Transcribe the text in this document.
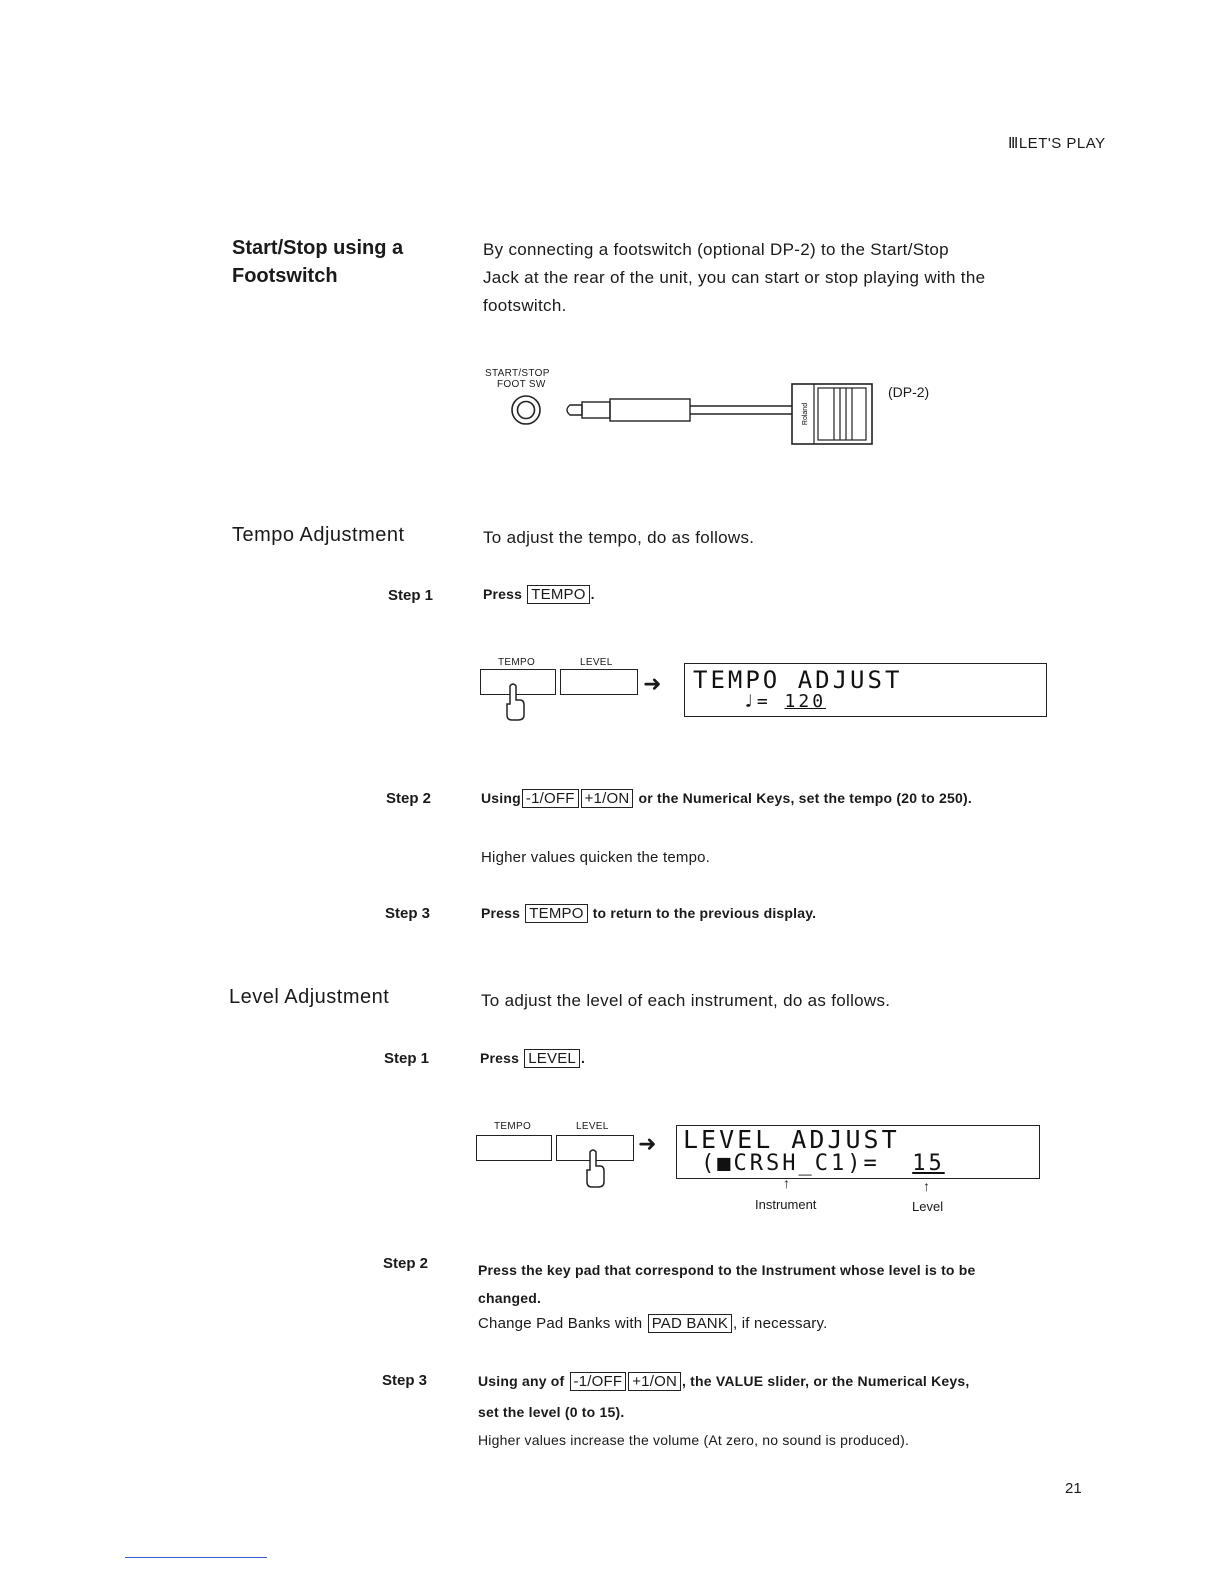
ⅢLET'S PLAY
Start/Stop using a
Footswitch
By connecting a footswitch (optional DP-2) to the Start/Stop
Jack at the rear of the unit, you can start or stop playing with the
footswitch.
START/STOP
FOOT SW
Roland
(DP-2)
Tempo Adjustment	To adjust the tempo, do as follows.
Step 1	Press TEMPO .
TEMPO	LEVEL
➜	TEMPO ADJUST
♩= 120
Step 2	Using -1/OFF +1/ON or the Numerical Keys, set the tempo (20 to 250).
Higher values quicken the tempo.
Step 3	Press TEMPO to return to the previous display.
Level Adjustment	To adjust the level of each instrument, do as follows.
Step 1	Press LEVEL .
TEMPO	LEVEL
➜ LEVEL ADJUST
(■CRSH_C1)= 15
↑	↑
Instrument	Level
Step 2	Press the key pad that correspond to the Instrument whose level is to be
changed.
Change Pad Banks with PAD BANK , if necessary.
Step 3	Using any of -1/OFF +1/ON , the VALUE slider, or the Numerical Keys,
set the level (0 to 15).
Higher values increase the volume (At zero, no sound is produced).
21
